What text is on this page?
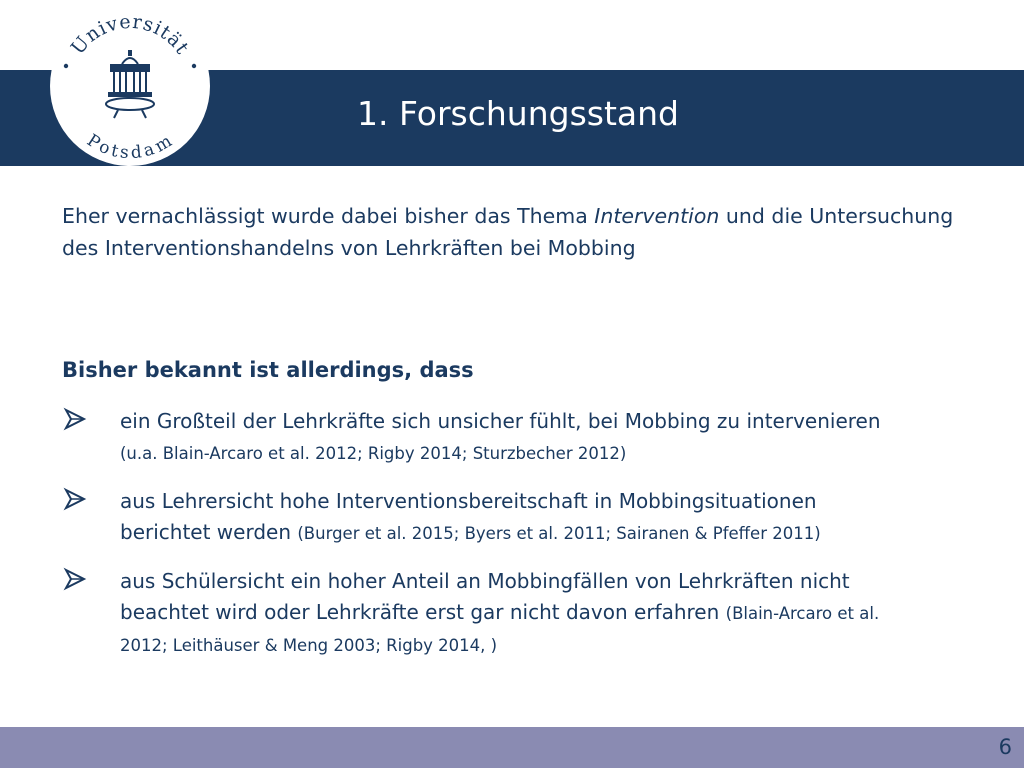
1. Forschungsstand
Universität
Potsdam

Eher vernachlässigt wurde dabei bisher das Thema Intervention und die Untersuchung des Interventionshandelns von Lehrkräften bei Mobbing

Bisher bekannt ist allerdings, dass

ein Großteil der Lehrkräfte sich unsicher fühlt, bei Mobbing zu intervenieren (u.a. Blain-Arcaro et al. 2012; Rigby 2014; Sturzbecher 2012)

aus Lehrersicht hohe Interventionsbereitschaft in Mobbingsituationen berichtet werden (Burger et al. 2015; Byers et al. 2011; Sairanen & Pfeffer 2011)

aus Schülersicht ein hoher Anteil an Mobbingfällen von Lehrkräften nicht beachtet wird oder Lehrkräfte erst gar nicht davon erfahren (Blain-Arcaro et al. 2012; Leithäuser & Meng 2003; Rigby 2014, )

6
